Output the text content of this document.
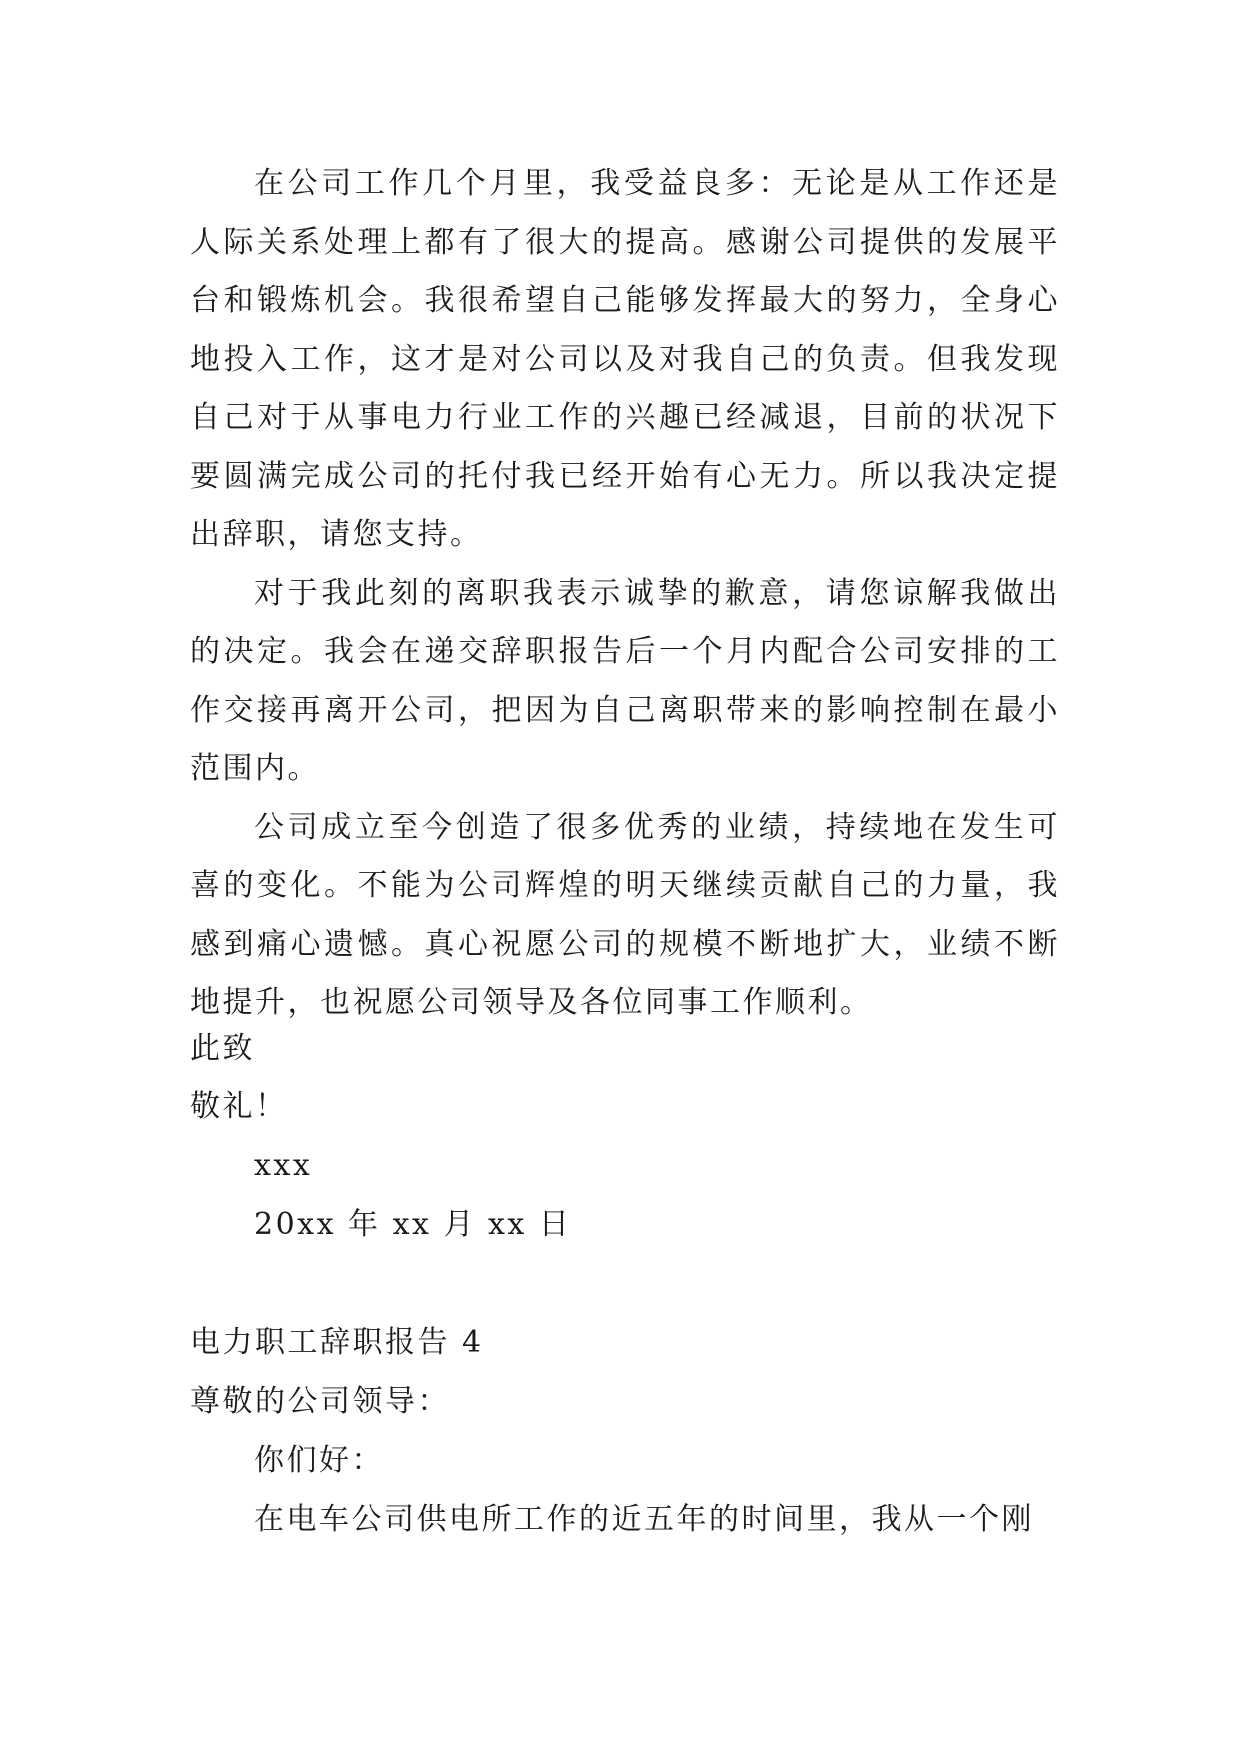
在公司工作几个月里，我受益良多：无论是从工作还是人际关系处理上都有了很大的提高。感谢公司提供的发展平台和锻炼机会。我很希望自己能够发挥最大的努力，全身心地投入工作，这才是对公司以及对我自己的负责。但我发现自己对于从事电力行业工作的兴趣已经减退，目前的状况下要圆满完成公司的托付我已经开始有心无力。所以我决定提出辞职，请您支持。

对于我此刻的离职我表示诚挚的歉意，请您谅解我做出的决定。我会在递交辞职报告后一个月内配合公司安排的工作交接再离开公司，把因为自己离职带来的影响控制在最小范围内。

公司成立至今创造了很多优秀的业绩，持续地在发生可喜的变化。不能为公司辉煌的明天继续贡献自己的力量，我感到痛心遗憾。真心祝愿公司的规模不断地扩大，业绩不断地提升，也祝愿公司领导及各位同事工作顺利。

此致

敬礼！

xxx

20xx 年 xx 月 xx 日

电力职工辞职报告 4

尊敬的公司领导：

你们好：

在电车公司供电所工作的近五年的时间里，我从一个刚
